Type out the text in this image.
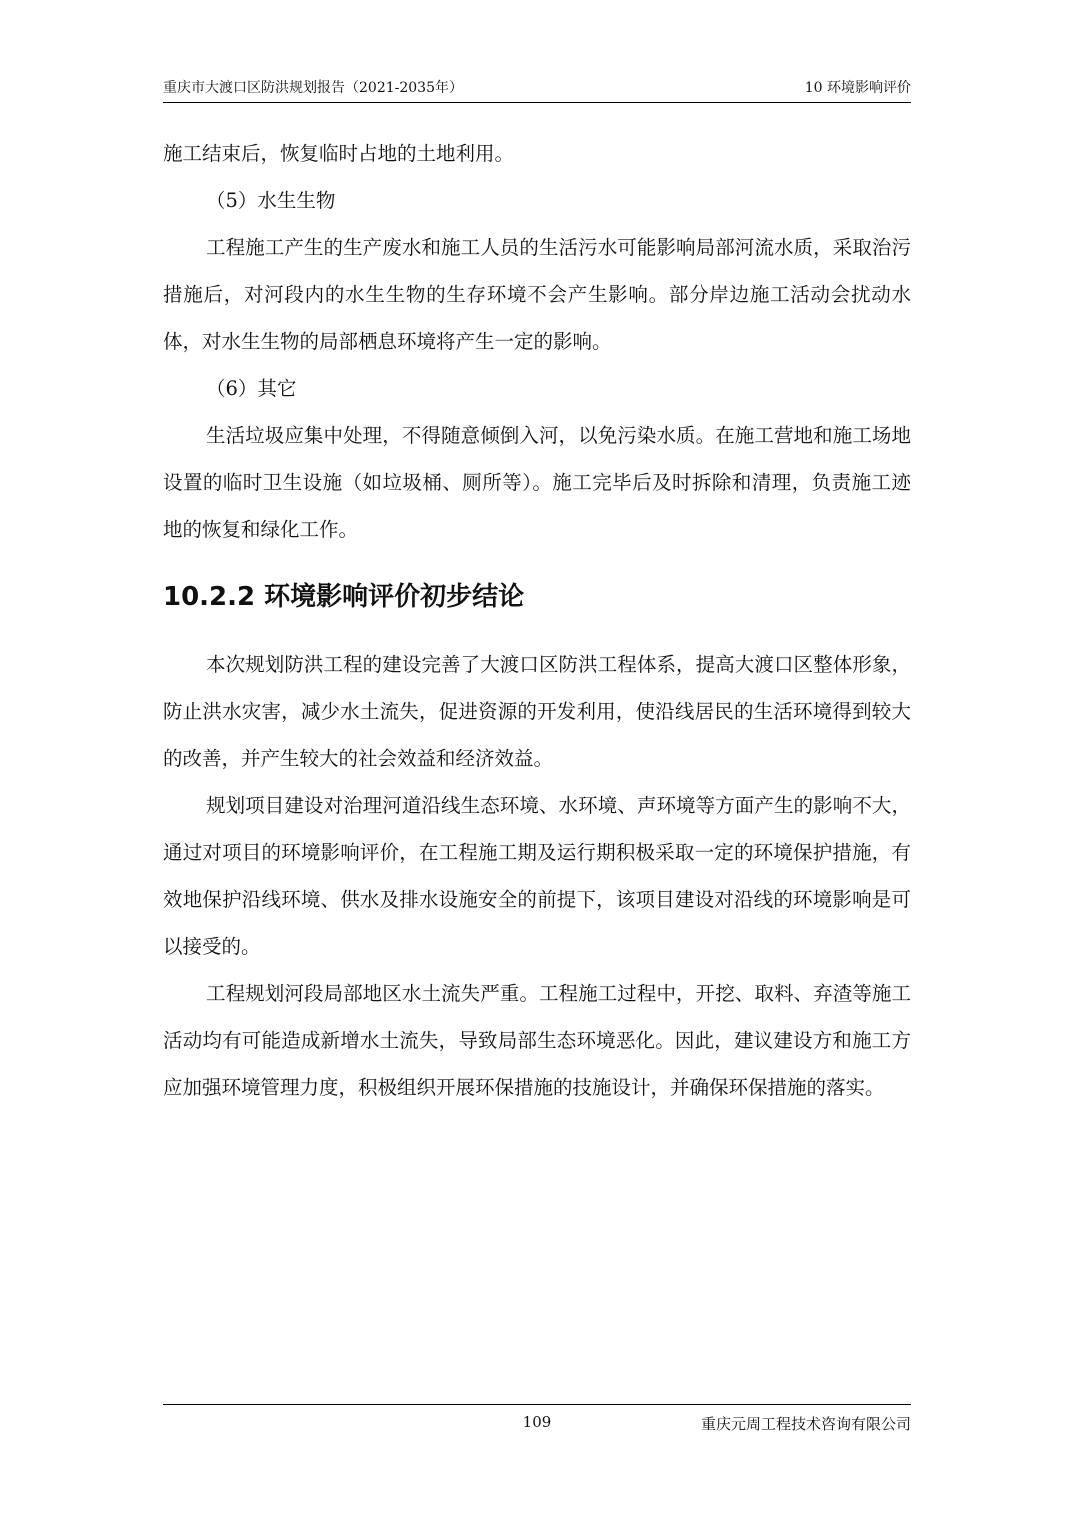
重庆市大渡口区防洪规划报告（2021-2035年）	10 环境影响评价

施工结束后，恢复临时占地的土地利用。

（5）水生生物

工程施工产生的生产废水和施工人员的生活污水可能影响局部河流水质，采取治污措施后，对河段内的水生生物的生存环境不会产生影响。部分岸边施工活动会扰动水体，对水生生物的局部栖息环境将产生一定的影响。

（6）其它

生活垃圾应集中处理，不得随意倾倒入河，以免污染水质。在施工营地和施工场地设置的临时卫生设施（如垃圾桶、厕所等）。施工完毕后及时拆除和清理，负责施工迹地的恢复和绿化工作。

10.2.2 环境影响评价初步结论

本次规划防洪工程的建设完善了大渡口区防洪工程体系，提高大渡口区整体形象，防止洪水灾害，减少水土流失，促进资源的开发利用，使沿线居民的生活环境得到较大的改善，并产生较大的社会效益和经济效益。

规划项目建设对治理河道沿线生态环境、水环境、声环境等方面产生的影响不大，通过对项目的环境影响评价，在工程施工期及运行期积极采取一定的环境保护措施，有效地保护沿线环境、供水及排水设施安全的前提下，该项目建设对沿线的环境影响是可以接受的。

工程规划河段局部地区水土流失严重。工程施工过程中，开挖、取料、弃渣等施工活动均有可能造成新增水土流失，导致局部生态环境恶化。因此，建议建设方和施工方应加强环境管理力度，积极组织开展环保措施的技施设计，并确保环保措施的落实。

109	重庆元周工程技术咨询有限公司
